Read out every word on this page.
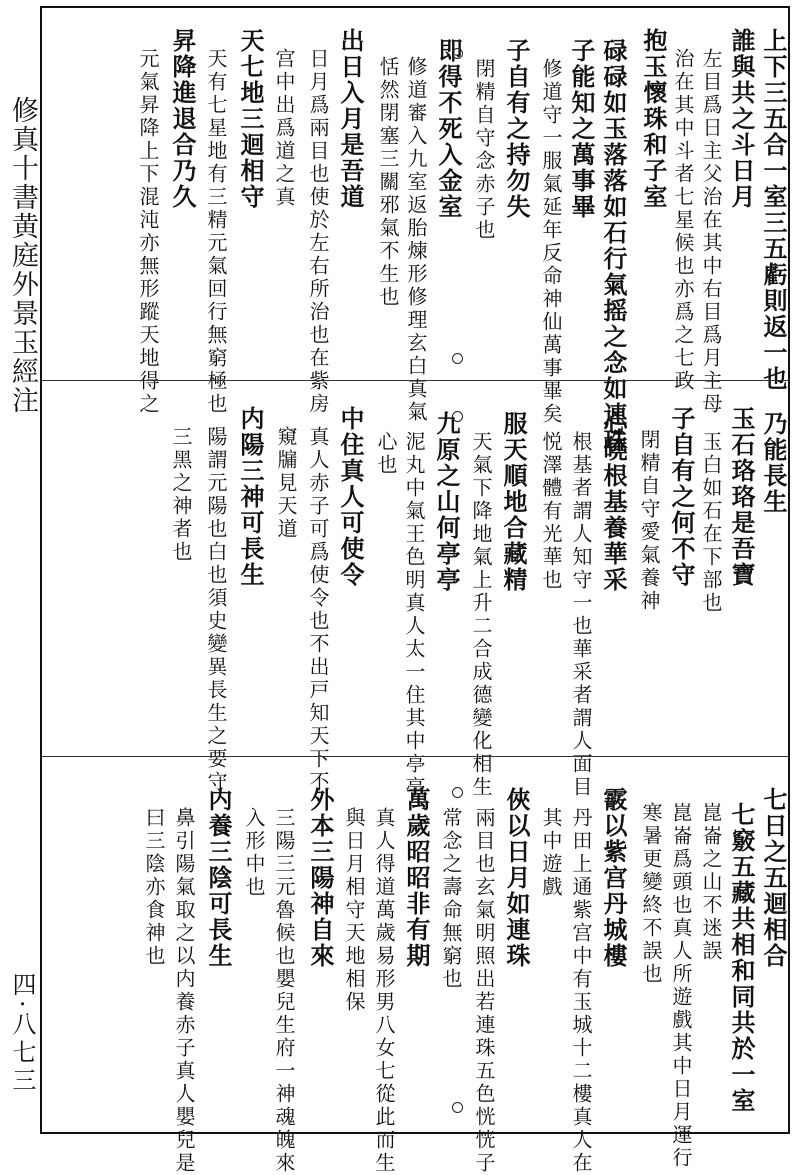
修真十書黄庭外景玉經注
四·八七三
上下三五合一室三五虧則返一也
誰與共之斗日月
左目爲日主父治在其中右目爲月主母
治在其中斗者七星候也亦爲之七政
抱玉懷珠和子室
碌碌如玉落落如石行氣摇之念如連珠
子能知之萬事畢
修道守一服氣延年反命神仙萬事畢矣
子自有之持勿失
閉精自守念赤子也
即得不死入金室
修道審入九室返胎煉形修理玄白真氣
恬然閉塞三關邪氣不生也
出日入月是吾道
日月爲兩目也使於左右所治也在紫房
宫中出爲道之真
天七地三迴相守
天有七星地有三精元氣回行無窮極也
昇降進退合乃久
元氣昇降上下混沌亦無形蹤天地得之
乃能長生
玉石珞珞是吾寶
玉白如石在下部也
子自有之何不守
閉精自守愛氣養神
心曉根基養華采
根基者謂人知守一也華采者謂人面目
悦澤體有光華也
服天順地合藏精
天氣下降地氣上升二合成德變化相生
九原之山何亭亭
泥丸中氣王色明真人太一住其中亭亭
心也
中住真人可使令
真人赤子可爲使令也不出戸知天下不
窺牖見天道
内陽三神可長生
陽謂元陽也白也須史變異長生之要守
三黑之神者也
七日之五迴相合
七竅五藏共相和同共於一室
崑崙之山不迷誤
崑崙爲頭也真人所遊戲其中日月運行
寒暑更變終不誤也
霰以紫宫丹城樓
丹田上通紫宫中有玉城十二樓真人在
其中遊戲
俠以日月如連珠
兩目也玄氣明照出若連珠五色恍恍子
常念之壽命無窮也
萬歲昭昭非有期
真人得道萬歲易形男八女七從此而生
與日月相守天地相保
外本三陽神自來
三陽三元魯候也嬰兒生府一神魂魄來
入形中也
内養三陰可長生
鼻引陽氣取之以内養赤子真人嬰兒是
曰三陰亦食神也
